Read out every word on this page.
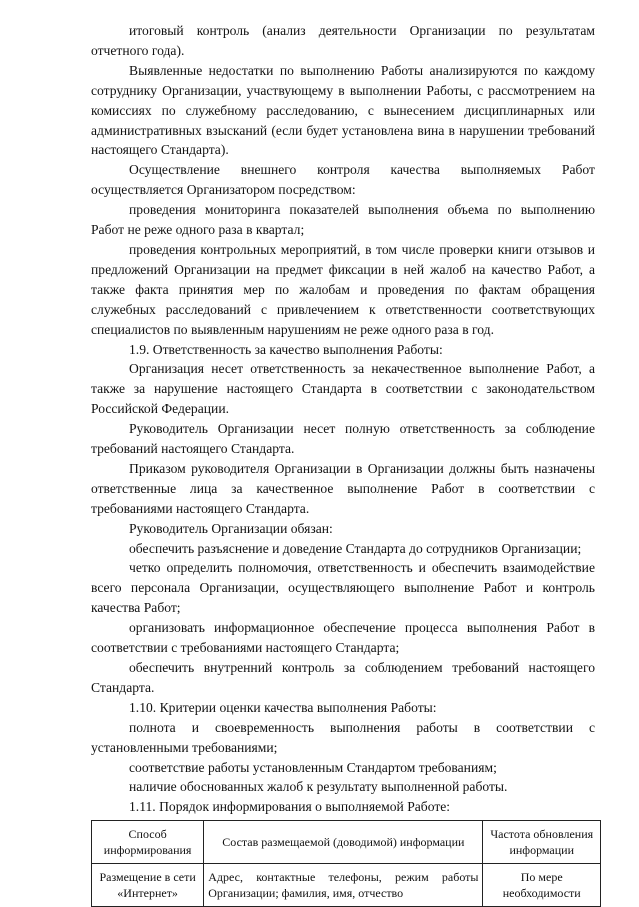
итоговый контроль (анализ деятельности Организации по результатам отчетного года).

Выявленные недостатки по выполнению Работы анализируются по каждому сотруднику Организации, участвующему в выполнении Работы, с рассмотрением на комиссиях по служебному расследованию, с вынесением дисциплинарных или административных взысканий (если будет установлена вина в нарушении требований настоящего Стандарта).

Осуществление внешнего контроля качества выполняемых Работ осуществляется Организатором посредством:

проведения мониторинга показателей выполнения объема по выполнению Работ не реже одного раза в квартал;

проведения контрольных мероприятий, в том числе проверки книги отзывов и предложений Организации на предмет фиксации в ней жалоб на качество Работ, а также факта принятия мер по жалобам и проведения по фактам обращения служебных расследований с привлечением к ответственности соответствующих специалистов по выявленным нарушениям не реже одного раза в год.

1.9. Ответственность за качество выполнения Работы:

Организация несет ответственность за некачественное выполнение Работ, а также за нарушение настоящего Стандарта в соответствии с законодательством Российской Федерации.

Руководитель Организации несет полную ответственность за соблюдение требований настоящего Стандарта.

Приказом руководителя Организации в Организации должны быть назначены ответственные лица за качественное выполнение Работ в соответствии с требованиями настоящего Стандарта.

Руководитель Организации обязан:

обеспечить разъяснение и доведение Стандарта до сотрудников Организации;

четко определить полномочия, ответственность и обеспечить взаимодействие всего персонала Организации, осуществляющего выполнение Работ и контроль качества Работ;

организовать информационное обеспечение процесса выполнения Работ в соответствии с требованиями настоящего Стандарта;

обеспечить внутренний контроль за соблюдением требований настоящего Стандарта.

1.10. Критерии оценки качества выполнения Работы:

полнота и своевременность выполнения работы в соответствии с установленными требованиями;

соответствие работы установленным Стандартом требованиям;

наличие обоснованных жалоб к результату выполненной работы.

1.11. Порядок информирования о выполняемой Работе:

Способ информирования	Состав размещаемой (доводимой) информации	Частота обновления информации
Размещение в сети «Интернет»	Адрес, контактные телефоны, режим работы Организации; фамилия, имя, отчество	По мере необходимости
